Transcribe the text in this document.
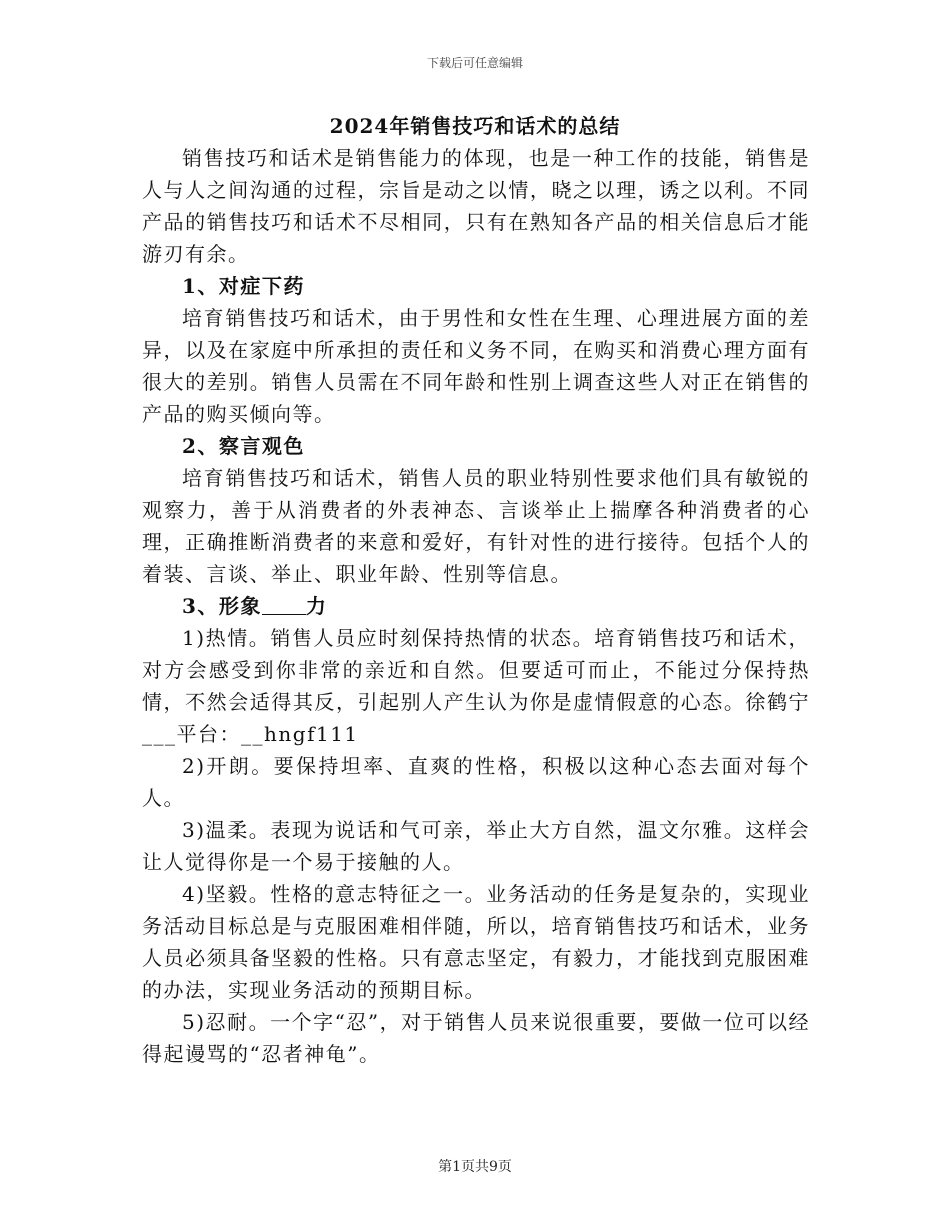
下载后可任意编辑
2024年销售技巧和话术的总结

销售技巧和话术是销售能力的体现，也是一种工作的技能，销售是人与人之间沟通的过程，宗旨是动之以情，晓之以理，诱之以利。不同产品的销售技巧和话术不尽相同，只有在熟知各产品的相关信息后才能游刃有余。

1、对症下药

培育销售技巧和话术，由于男性和女性在生理、心理进展方面的差异，以及在家庭中所承担的责任和义务不同，在购买和消费心理方面有很大的差别。销售人员需在不同年龄和性别上调查这些人对正在销售的产品的购买倾向等。

2、察言观色

培育销售技巧和话术，销售人员的职业特别性要求他们具有敏锐的观察力，善于从消费者的外表神态、言谈举止上揣摩各种消费者的心理，正确推断消费者的来意和爱好，有针对性的进行接待。包括个人的着装、言谈、举止、职业年龄、性别等信息。

3、形象 力

1)热情。销售人员应时刻保持热情的状态。培育销售技巧和话术，对方会感受到你非常的亲近和自然。但要适可而止，不能过分保持热情，不然会适得其反，引起别人产生认为你是虚情假意的心态。徐鹤宁___平台：__hngf111

2)开朗。要保持坦率、直爽的性格，积极以这种心态去面对每个人。

3)温柔。表现为说话和气可亲，举止大方自然，温文尔雅。这样会让人觉得你是一个易于接触的人。

4)坚毅。性格的意志特征之一。业务活动的任务是复杂的，实现业务活动目标总是与克服困难相伴随，所以，培育销售技巧和话术，业务人员必须具备坚毅的性格。只有意志坚定，有毅力，才能找到克服困难的办法，实现业务活动的预期目标。

5)忍耐。一个字“忍”，对于销售人员来说很重要，要做一位可以经得起谩骂的“忍者神龟”。

第1页共9页
